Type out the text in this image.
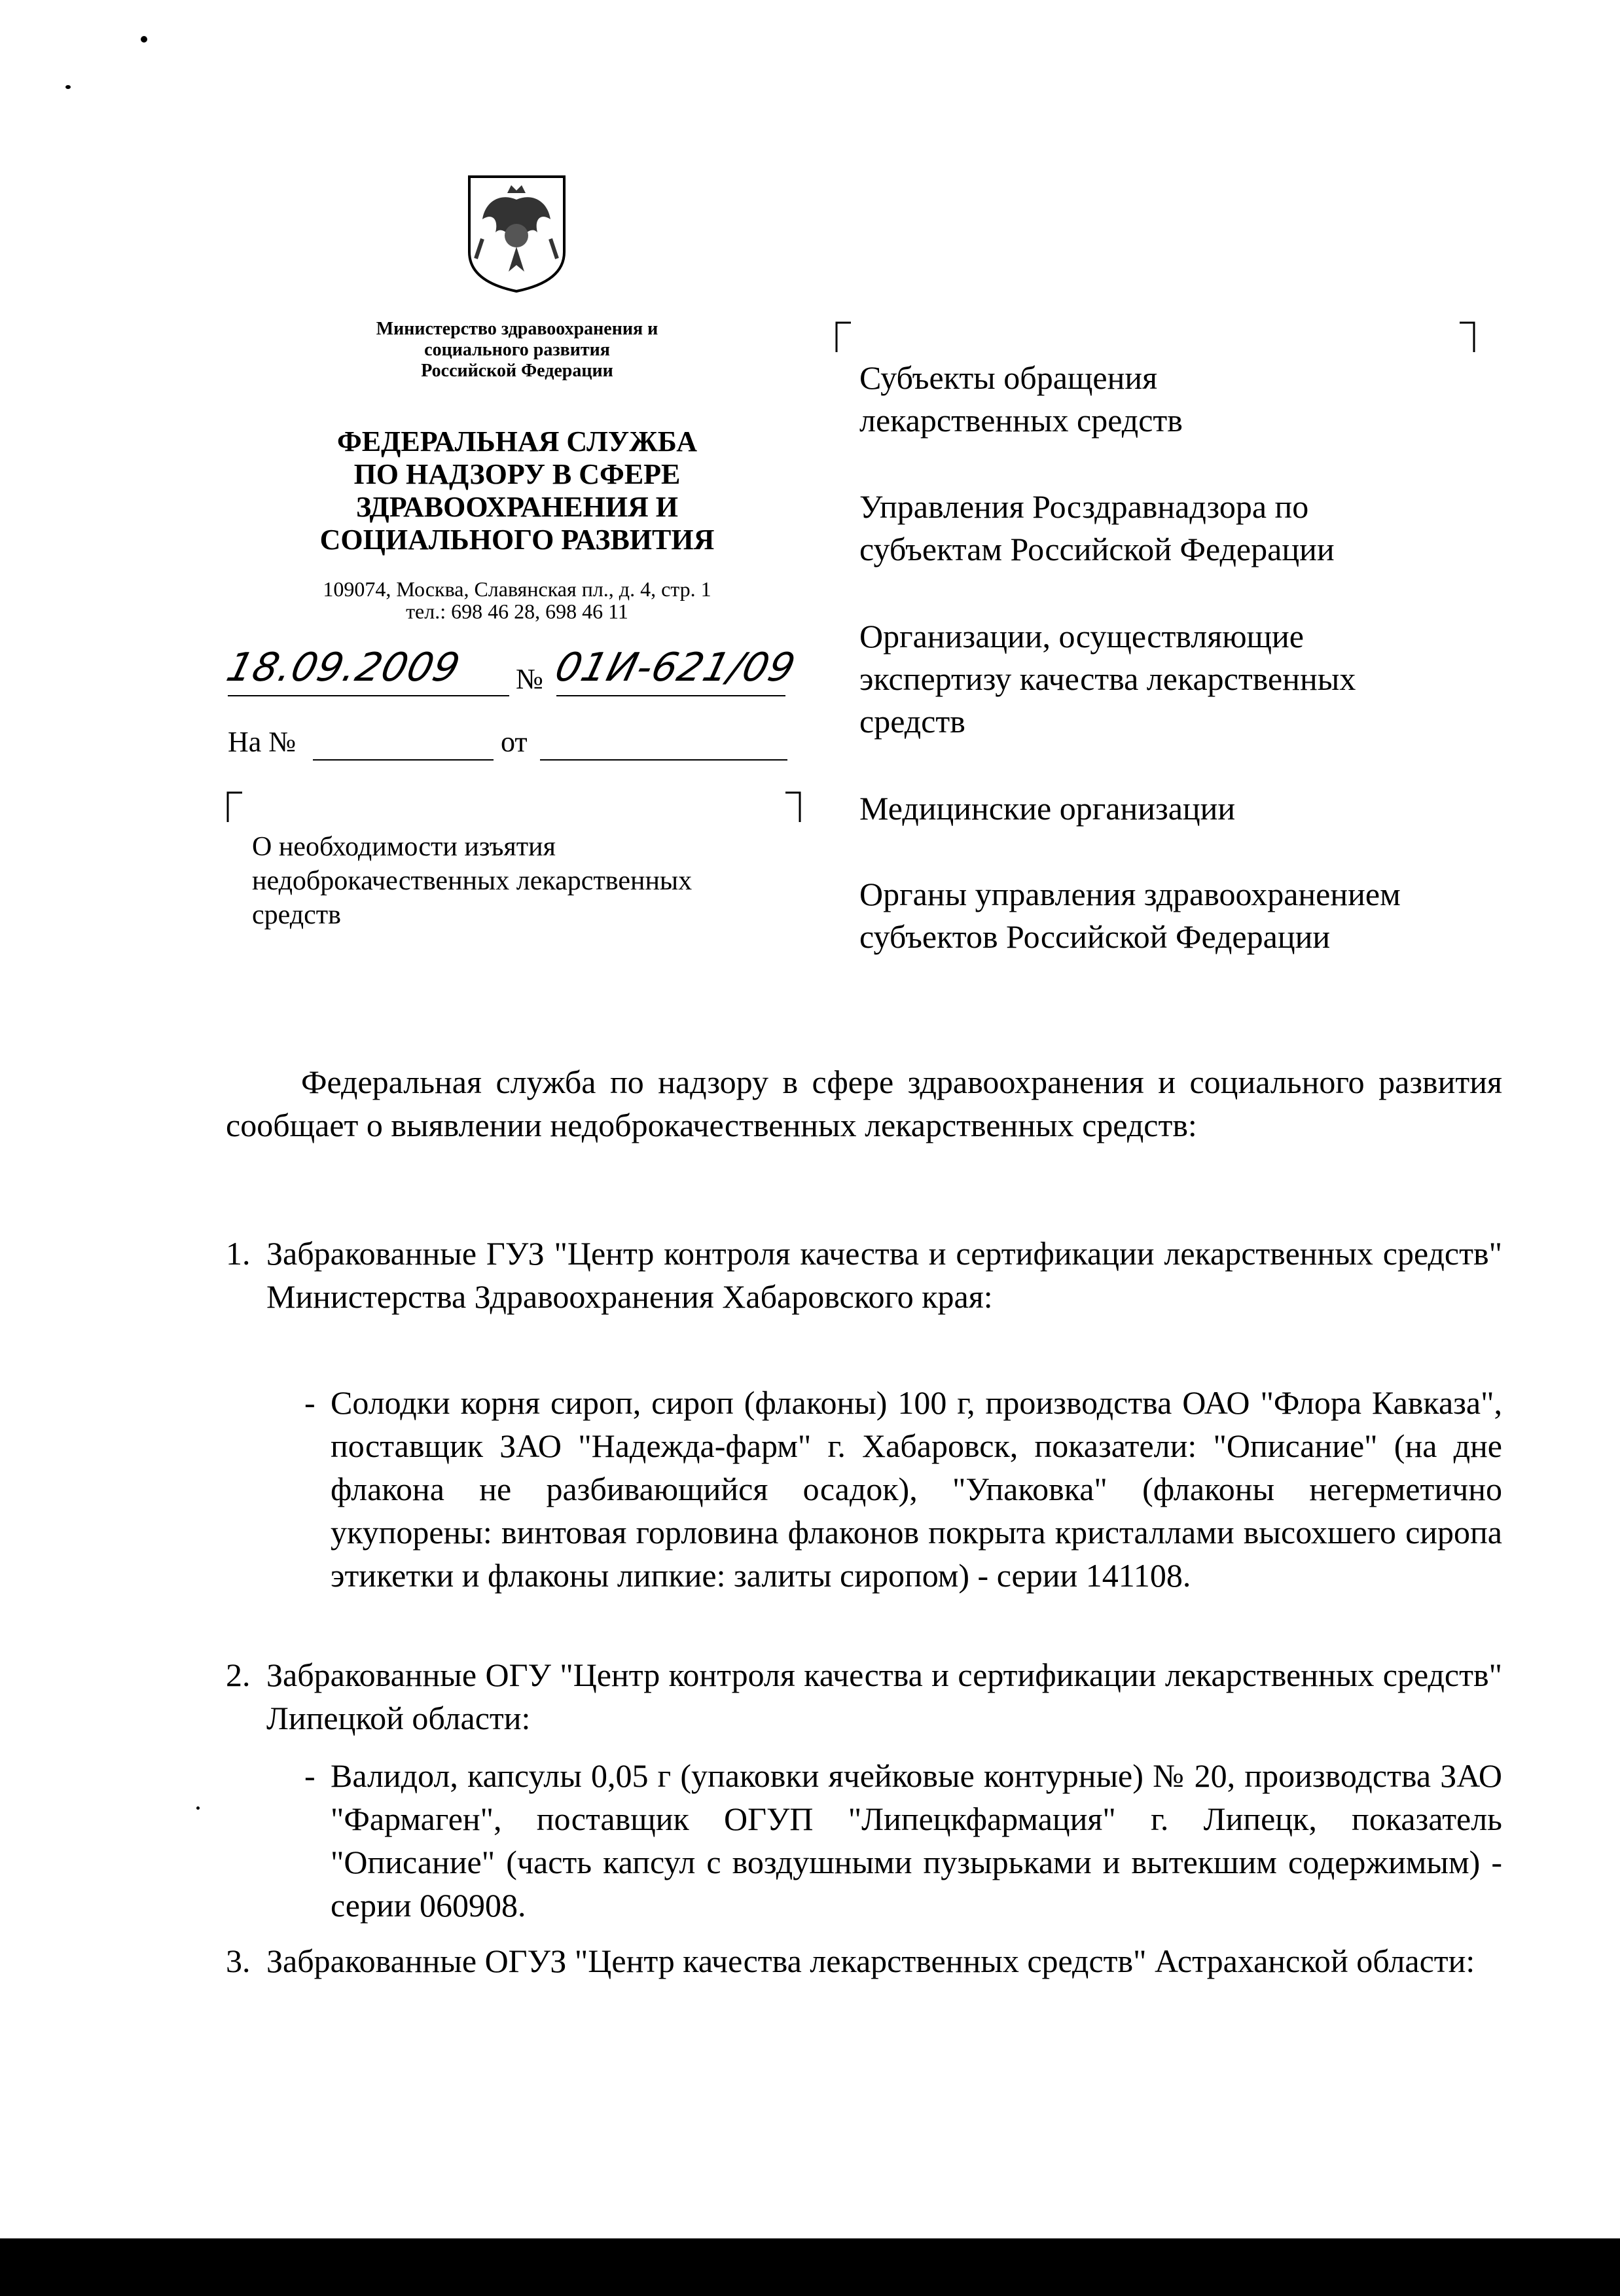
Министерство здравоохранения и
социального развития
Российской Федерации
ФЕДЕРАЛЬНАЯ СЛУЖБА
ПО НАДЗОРУ В СФЕРЕ
ЗДРАВООХРАНЕНИЯ И
СОЦИАЛЬНОГО РАЗВИТИЯ
109074, Москва, Славянская пл., д. 4, стр. 1
тел.: 698 46 28, 698 46 11
18.09.2009 № 01И-621/09
На №	от
О необходимости изъятия
недоброкачественных лекарственных
средств
Субъекты обращения
лекарственных средств
Управления Росздравнадзора по
субъектам Российской Федерации
Организации, осуществляющие
экспертизу качества лекарственных
средств
Медицинские организации
Органы управления здравоохранением
субъектов Российской Федерации
Федеральная служба по надзору в сфере здравоохранения и социального развития сообщает о выявлении недоброкачественных лекарственных средств:
1. Забракованные ГУЗ "Центр контроля качества и сертификации лекарственных средств" Министерства Здравоохранения Хабаровского края:
- Солодки корня сироп, сироп (флаконы) 100 г, производства ОАО "Флора Кавказа", поставщик ЗАО "Надежда-фарм" г. Хабаровск, показатели: "Описание" (на дне флакона не разбивающийся осадок), "Упаковка" (флаконы негерметично укупорены: винтовая горловина флаконов покрыта кристаллами высохшего сиропа этикетки и флаконы липкие: залиты сиропом) - серии 141108.
2. Забракованные ОГУ "Центр контроля качества и сертификации лекарственных средств" Липецкой области:
- Валидол, капсулы 0,05 г (упаковки ячейковые контурные) № 20, производства ЗАО "Фармаген", поставщик ОГУП "Липецкфармация" г. Липецк, показатель "Описание" (часть капсул с воздушными пузырьками и вытекшим содержимым) - серии 060908.
3. Забракованные ОГУЗ "Центр качества лекарственных средств" Астраханской области:
